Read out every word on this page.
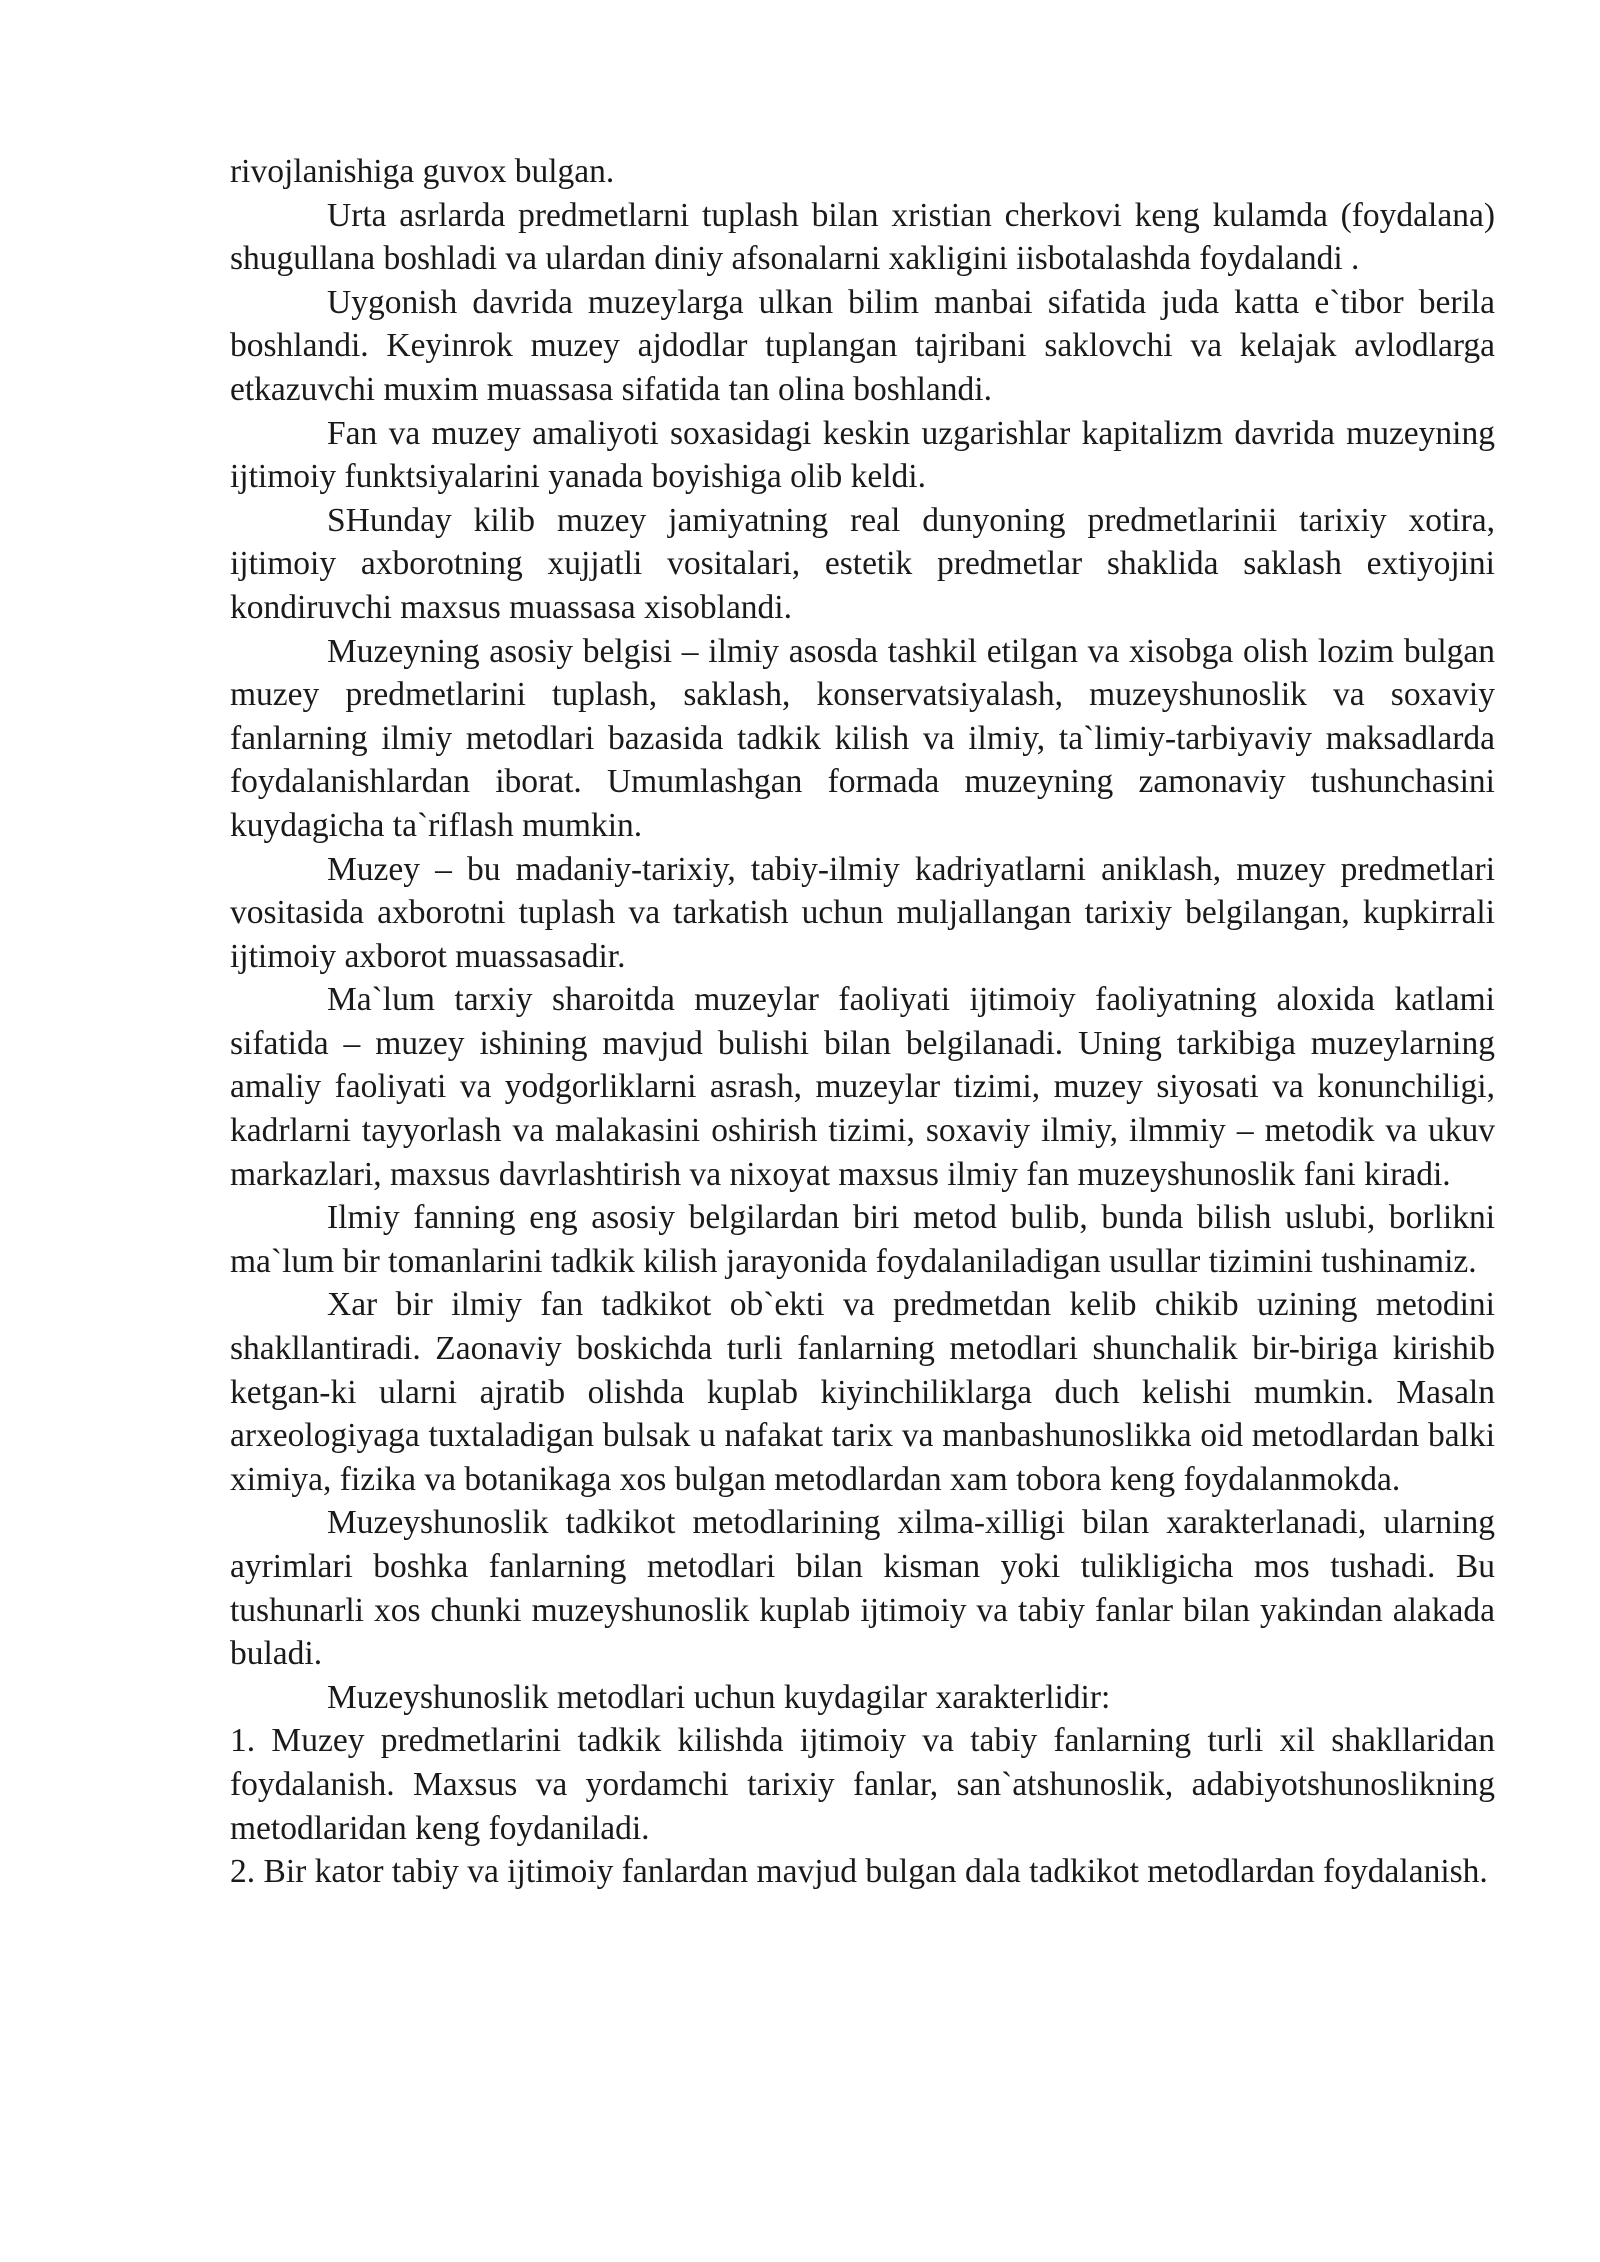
rivojlanishiga guvox bulgan.

Urta asrlarda predmetlarni tuplash bilan xristian cherkovi keng kulamda (foydalana) shugullana boshladi va ulardan diniy afsonalarni xakligini iisbotalashda foydalandi .

Uygonish davrida muzeylarga ulkan bilim manbai sifatida juda katta e`tibor berila boshlandi. Keyinrok muzey ajdodlar tuplangan tajribani saklovchi va kelajak avlodlarga etkazuvchi muxim muassasa sifatida tan olina boshlandi.

Fan va muzey amaliyoti soxasidagi keskin uzgarishlar kapitalizm davrida muzeyning ijtimoiy funktsiyalarini yanada boyishiga olib keldi.

SHunday kilib muzey jamiyatning real dunyoning predmetlarinii tarixiy xotira, ijtimoiy axborotning xujjatli vositalari, estetik predmetlar shaklida saklash extiyojini kondiruvchi maxsus muassasa xisoblandi.

Muzeyning asosiy belgisi – ilmiy asosda tashkil etilgan va xisobga olish lozim bulgan muzey predmetlarini tuplash, saklash, konservatsiyalash, muzeyshunoslik va soxaviy fanlarning ilmiy metodlari bazasida tadkik kilish va ilmiy, ta`limiy-tarbiyaviy maksadlarda foydalanishlardan iborat. Umumlashgan formada muzeyning zamonaviy tushunchasini kuydagicha ta`riflash mumkin.

Muzey – bu madaniy-tarixiy, tabiy-ilmiy kadriyatlarni aniklash, muzey predmetlari vositasida axborotni tuplash va tarkatish uchun muljallangan tarixiy belgilangan, kupkirrali ijtimoiy axborot muassasadir.

Ma`lum tarxiy sharoitda muzeylar faoliyati ijtimoiy faoliyatning aloxida katlami sifatida – muzey ishining mavjud bulishi bilan belgilanadi. Uning tarkibiga muzeylarning amaliy faoliyati va yodgorliklarni asrash, muzeylar tizimi, muzey siyosati va konunchiligi, kadrlarni tayyorlash va malakasini oshirish tizimi, soxaviy ilmiy, ilmmiy – metodik va ukuv markazlari, maxsus davrlashtirish va nixoyat maxsus ilmiy fan muzeyshunoslik fani kiradi.

Ilmiy fanning eng asosiy belgilardan biri metod bulib, bunda bilish uslubi, borlikni ma`lum bir tomanlarini tadkik kilish jarayonida foydalaniladigan usullar tizimini tushinamiz.

Xar bir ilmiy fan tadkikot ob`ekti va predmetdan kelib chikib uzining metodini shakllantiradi. Zaonaviy boskichda turli fanlarning metodlari shunchalik bir-biriga kirishib ketgan-ki ularni ajratib olishda kuplab kiyinchiliklarga duch kelishi mumkin. Masaln arxeologiyaga tuxtaladigan bulsak u nafakat tarix va manbashunoslikka oid metodlardan balki ximiya, fizika va botanikaga xos bulgan metodlardan xam tobora keng foydalanmokda.

Muzeyshunoslik tadkikot metodlarining xilma-xilligi bilan xarakterlanadi, ularning ayrimlari boshka fanlarning metodlari bilan kisman yoki tulikligicha mos tushadi. Bu tushunarli xos chunki muzeyshunoslik kuplab ijtimoiy va tabiy fanlar bilan yakindan alakada buladi.

Muzeyshunoslik metodlari uchun kuydagilar xarakterlidir:

1. Muzey predmetlarini tadkik kilishda ijtimoiy va tabiy fanlarning turli xil shakllaridan foydalanish. Maxsus va yordamchi tarixiy fanlar, san`atshunoslik, adabiyotshunoslikning metodlaridan keng foydaniladi.

2. Bir kator tabiy va ijtimoiy fanlardan mavjud bulgan dala tadkikot metodlardan foydalanish.
